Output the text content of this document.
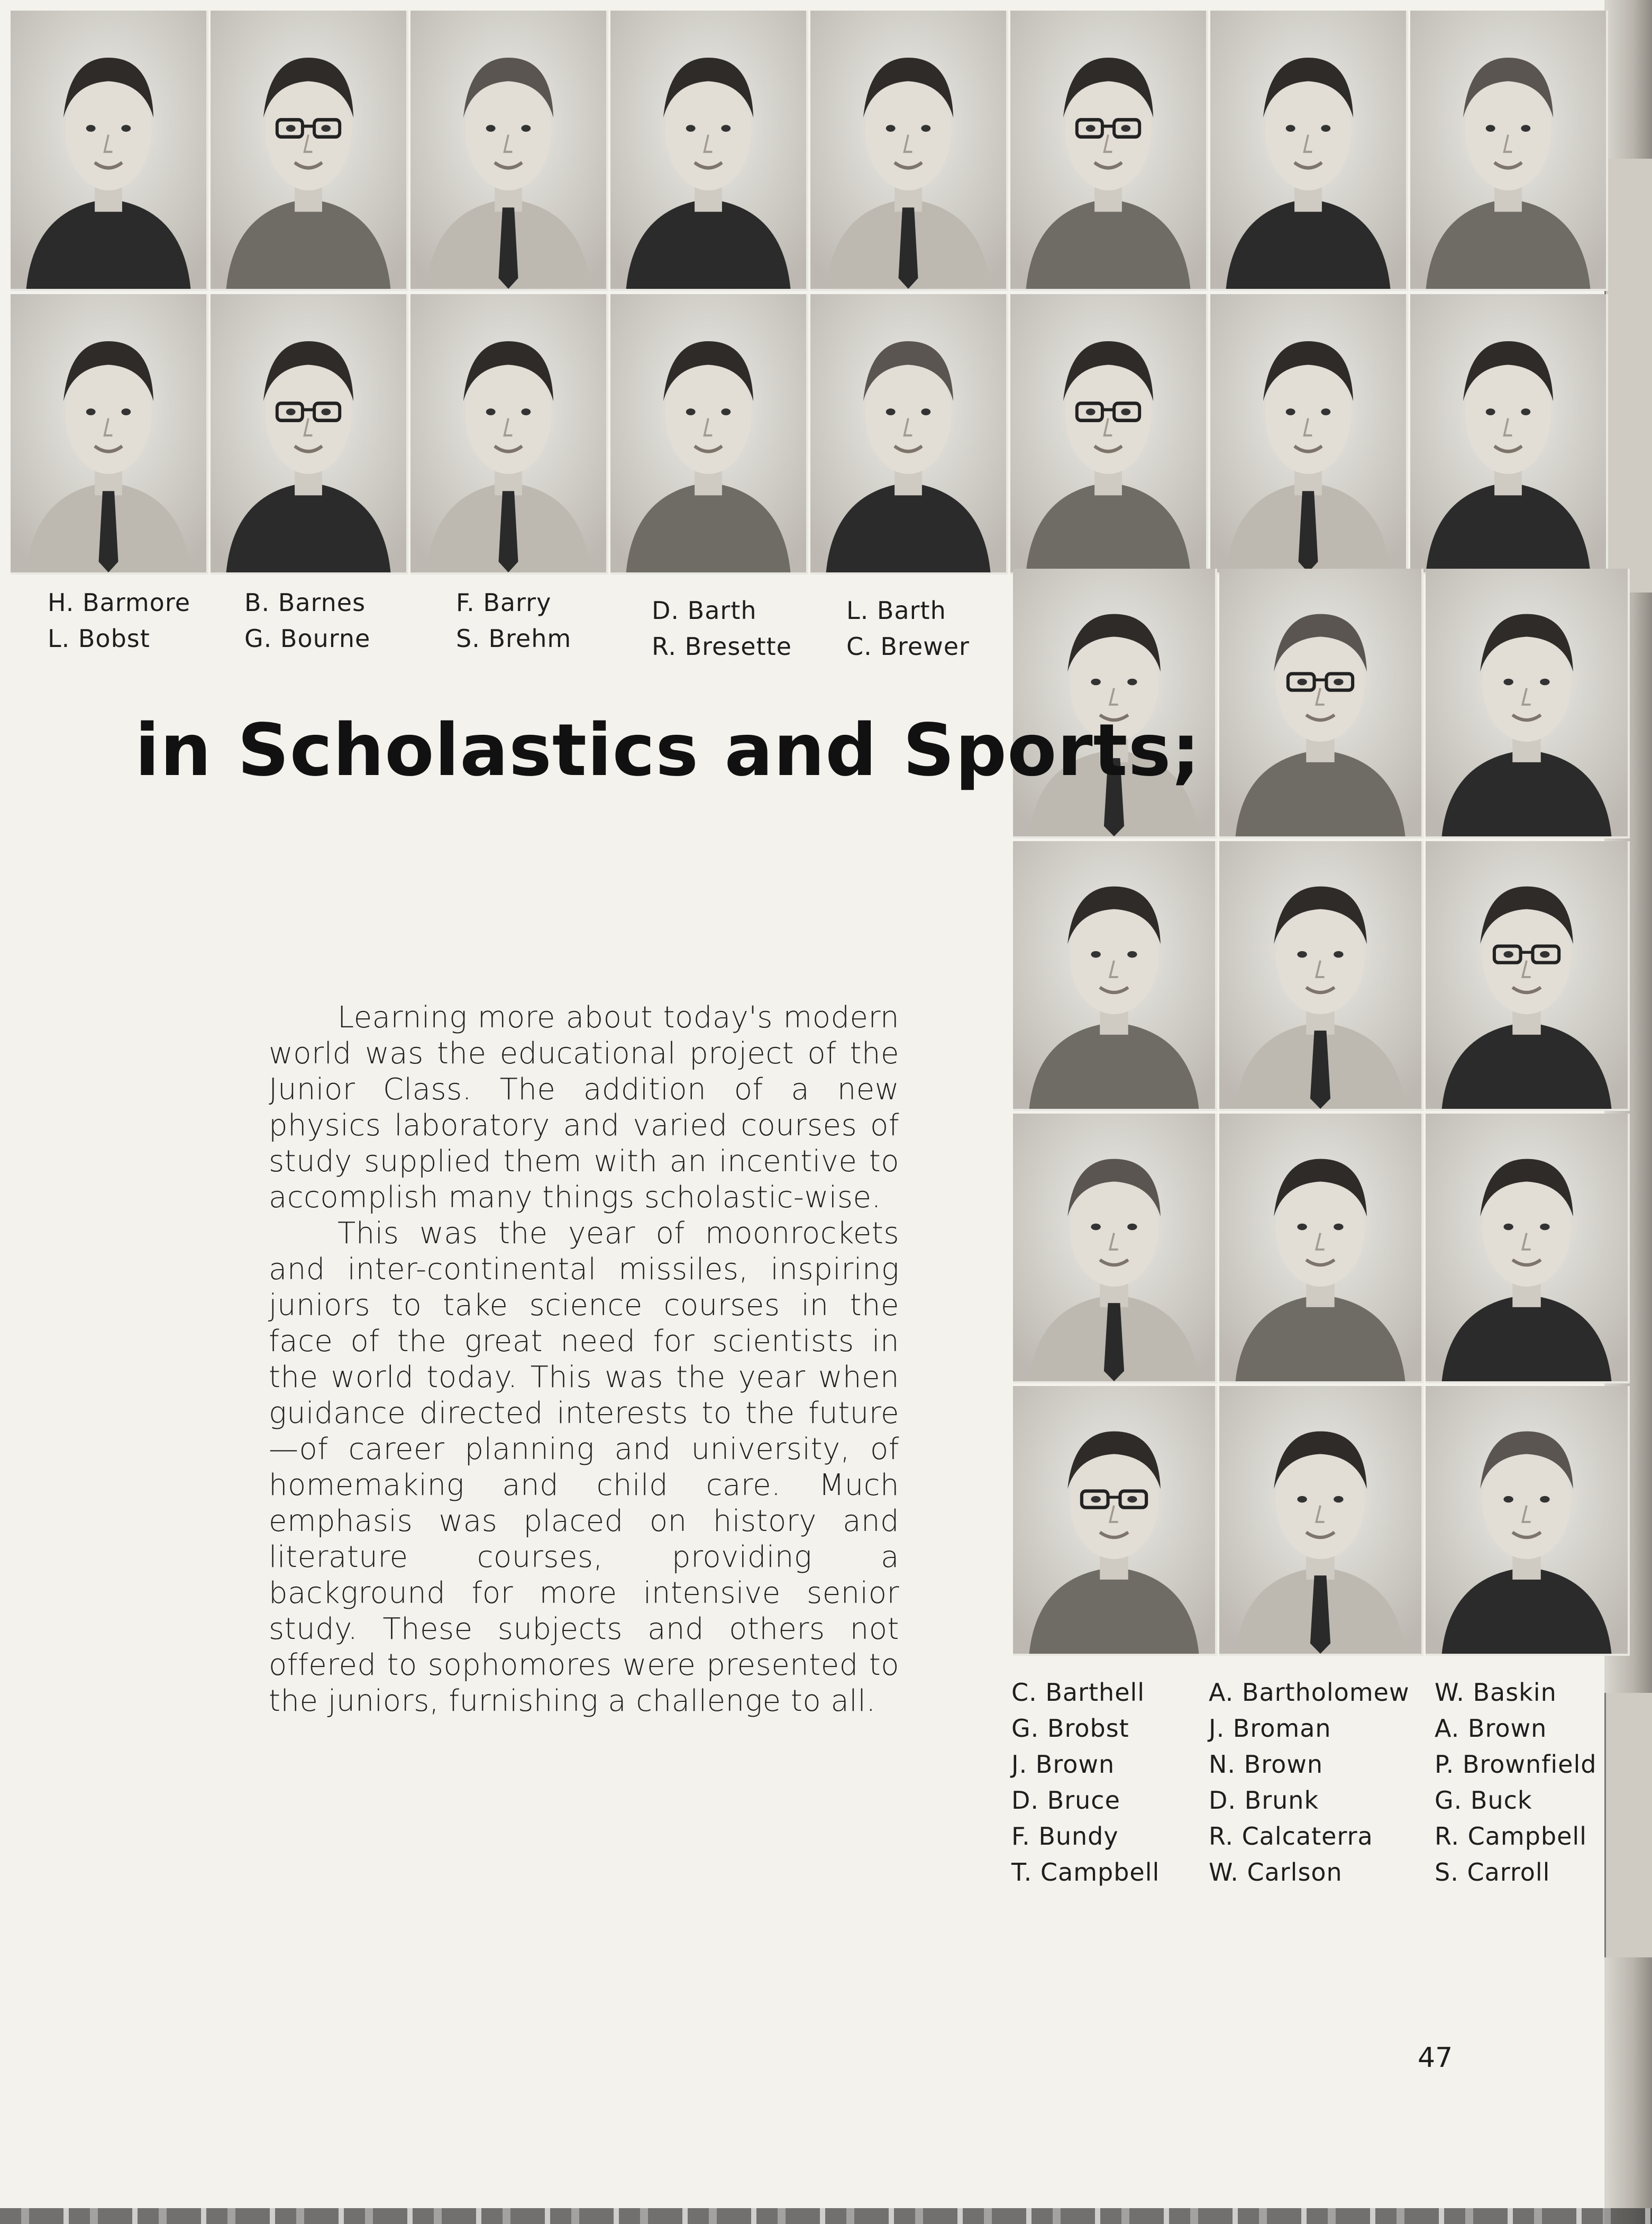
H. Barmore
L. Bobst
B. Barnes
G. Bourne
F. Barry
S. Brehm
D. Barth
R. Bresette
L. Barth
C. Brewer
in Scholastics and Sports;

Learning more about today's modern world was the educational project of the Junior Class. The addition of a new physics laboratory and varied courses of study supplied them with an incentive to accomplish many things scholastic-wise.

This was the year of moonrockets and inter-continental missiles, inspiring juniors to take science courses in the face of the great need for scientists in the world today. This was the year when guidance directed interests to the future—of career planning and university, of homemaking and child care. Much emphasis was placed on history and literature courses, providing a background for more intensive senior study. These subjects and others not offered to sophomores were presented to the juniors, furnishing a challenge to all.	C. Barthell
G. Brobst
J. Brown
D. Bruce
F. Bundy
T. Campbell
A. Bartholomew
J. Broman
N. Brown
D. Brunk
R. Calcaterra
W. Carlson
W. Baskin
A. Brown
P. Brownfield
G. Buck
R. Campbell
S. Carroll
47
